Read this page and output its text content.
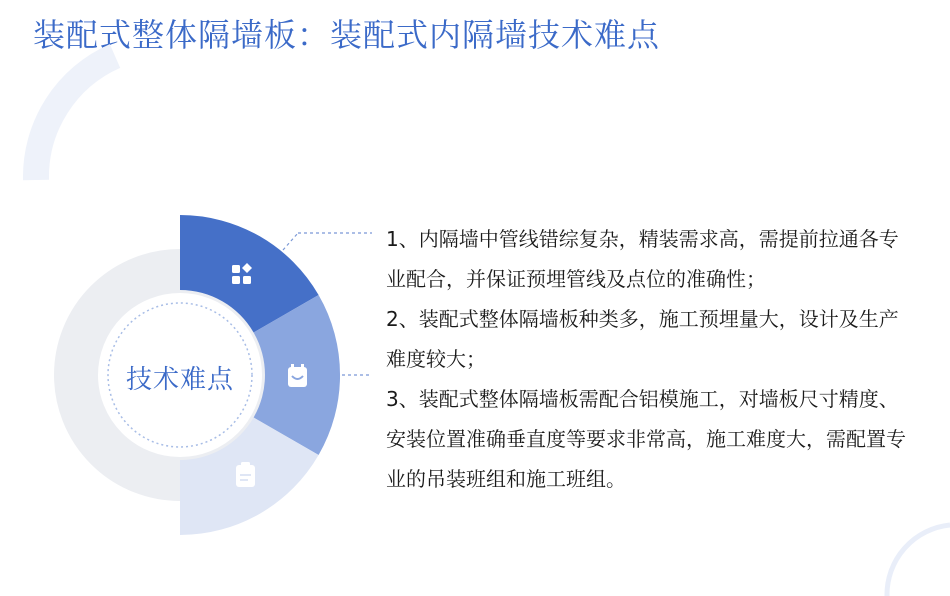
装配式整体隔墙板：装配式内隔墙技术难点
技术难点

1、内隔墙中管线错综复杂，精装需求高，需提前拉通各专业配合，并保证预埋管线及点位的准确性；

2、装配式整体隔墙板种类多，施工预埋量大，设计及生产难度较大；

3、装配式整体隔墙板需配合铝模施工，对墙板尺寸精度、安装位置准确垂直度等要求非常高，施工难度大，需配置专业的吊装班组和施工班组。
